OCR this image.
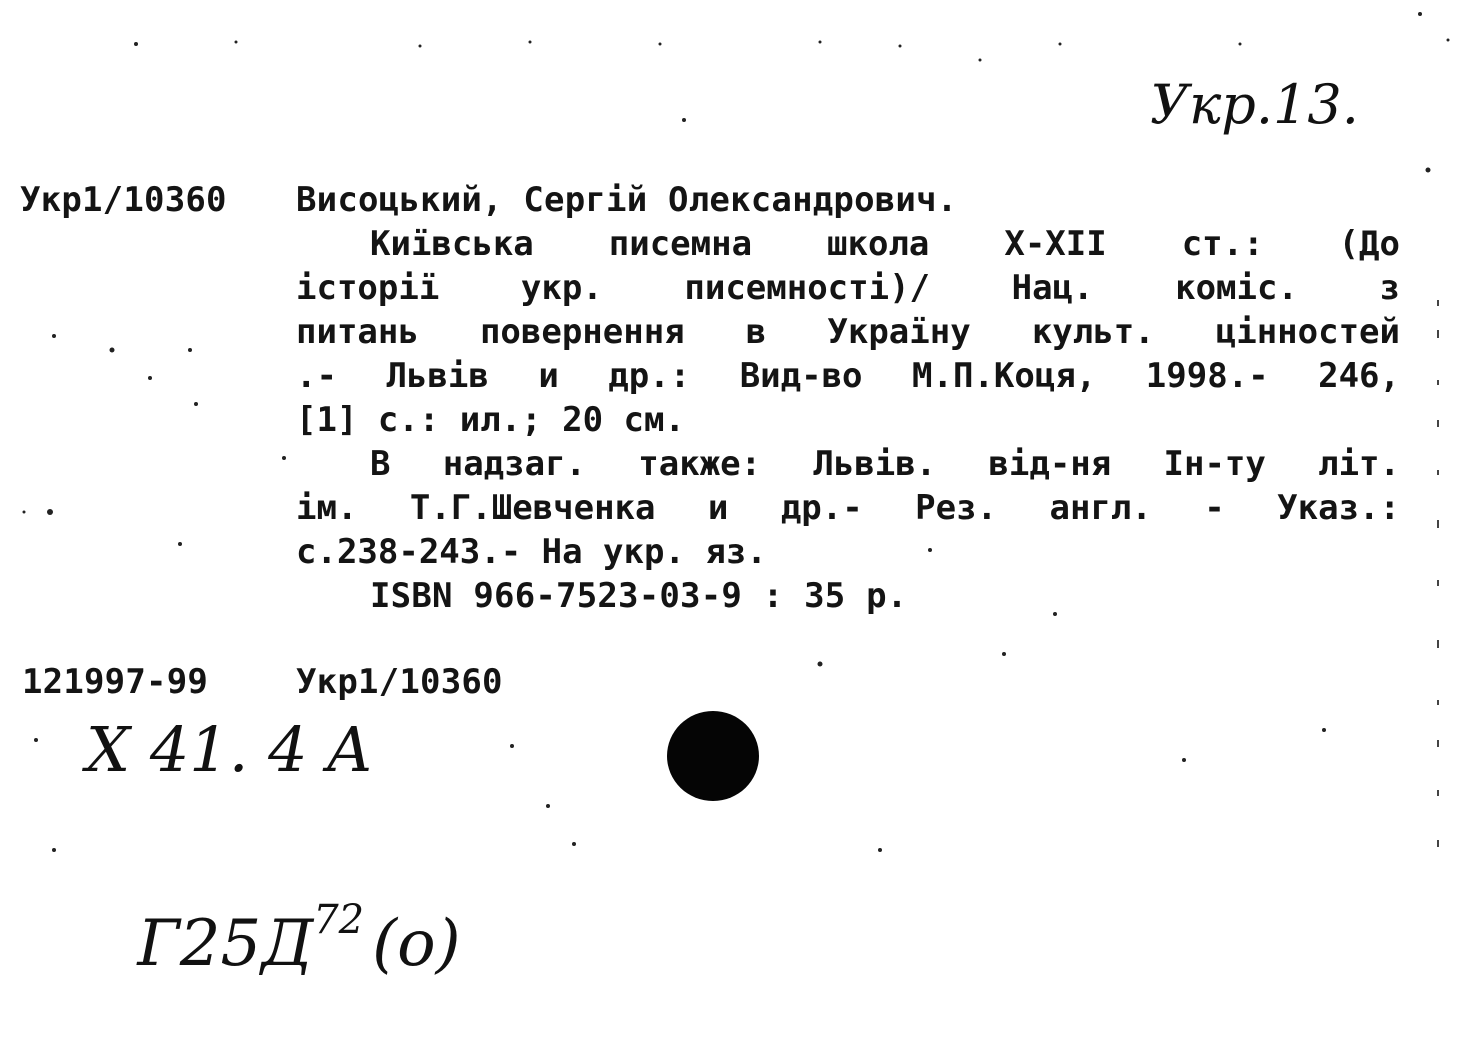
Укр.13.
Укр1/10360 Висоцький, Сергій Олександрович.
Київська писемна школа Х-ХІІ ст.: (До
історії укр. писемності)/ Нац. коміс. з
питань повернення в Україну культ. цінностей
.- Львів и др.: Вид-во М.П.Коця, 1998.- 246,
[1] с.: ил.; 20 см.
В надзаг. также: Львів. від-ня Ін-ту літ.
ім. Т.Г.Шевченка и др.- Рез. англ. - Указ.:
с.238-243.- На укр. яз.
ISBN 966-7523-03-9 : 35 р.
121997-99	Укр1/10360
X 41. 4 A

$Г25Д^{72}$ (о)
